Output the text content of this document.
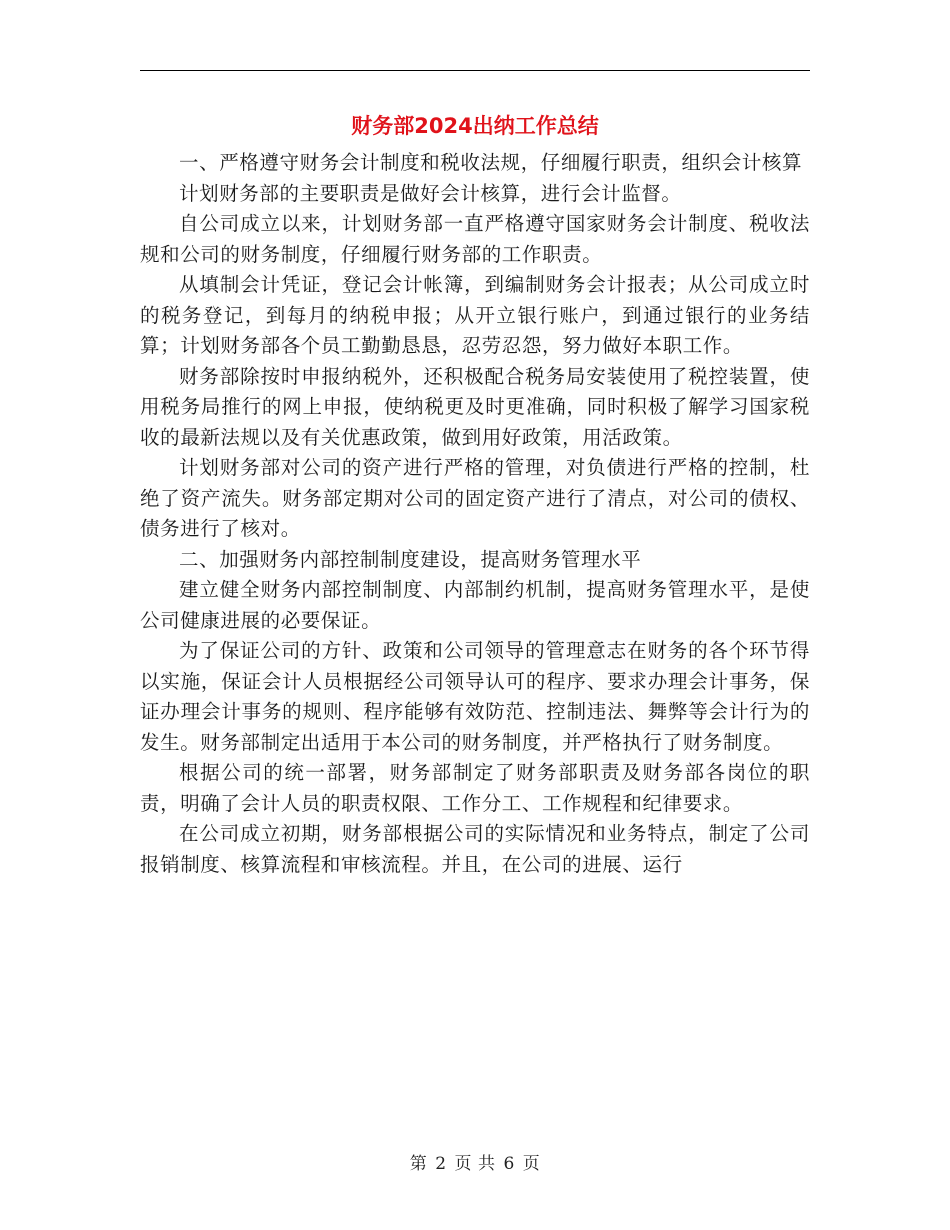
财务部2024出纳工作总结

一、严格遵守财务会计制度和税收法规，仔细履行职责，组织会计核算

计划财务部的主要职责是做好会计核算，进行会计监督。

自公司成立以来，计划财务部一直严格遵守国家财务会计制度、税收法规和公司的财务制度，仔细履行财务部的工作职责。

从填制会计凭证，登记会计帐簿，到编制财务会计报表；从公司成立时的税务登记，到每月的纳税申报；从开立银行账户，到通过银行的业务结算；计划财务部各个员工勤勤恳恳，忍劳忍怨，努力做好本职工作。

财务部除按时申报纳税外，还积极配合税务局安装使用了税控装置，使用税务局推行的网上申报，使纳税更及时更准确，同时积极了解学习国家税收的最新法规以及有关优惠政策，做到用好政策，用活政策。

计划财务部对公司的资产进行严格的管理，对负债进行严格的控制，杜绝了资产流失。财务部定期对公司的固定资产进行了清点，对公司的债权、债务进行了核对。

二、加强财务内部控制制度建设，提高财务管理水平

建立健全财务内部控制制度、内部制约机制，提高财务管理水平，是使公司健康进展的必要保证。

为了保证公司的方针、政策和公司领导的管理意志在财务的各个环节得以实施，保证会计人员根据经公司领导认可的程序、要求办理会计事务，保证办理会计事务的规则、程序能够有效防范、控制违法、舞弊等会计行为的发生。财务部制定出适用于本公司的财务制度，并严格执行了财务制度。

根据公司的统一部署，财务部制定了财务部职责及财务部各岗位的职责，明确了会计人员的职责权限、工作分工、工作规程和纪律要求。

在公司成立初期，财务部根据公司的实际情况和业务特点，制定了公司报销制度、核算流程和审核流程。并且，在公司的进展、运行

第 2 页 共 6 页
